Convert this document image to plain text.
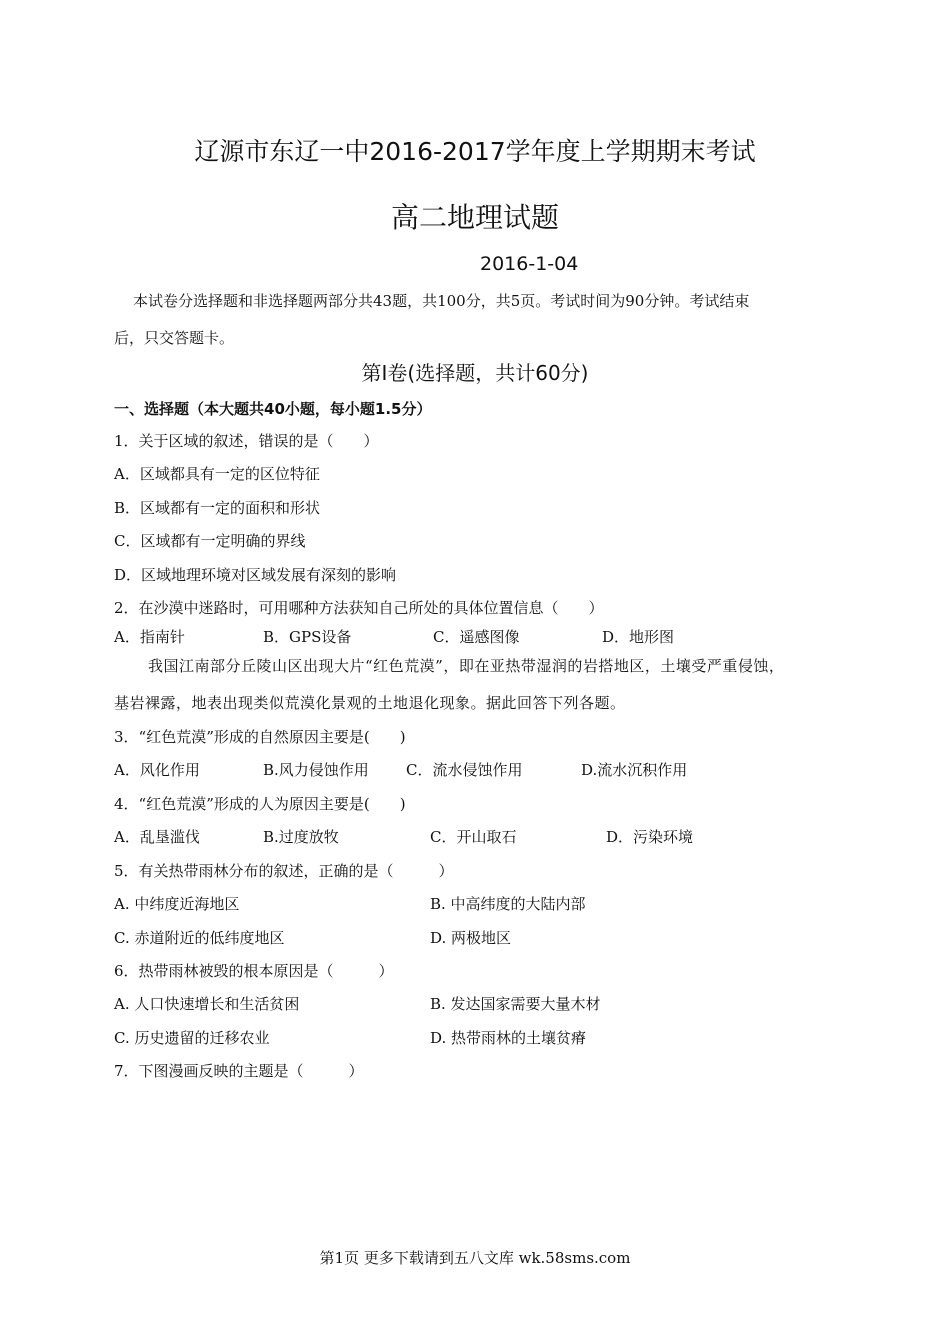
辽源市东辽一中2016-2017学年度上学期期末考试
高二地理试题
2016-1-04
本试卷分选择题和非选择题两部分共43题，共100分，共5页。考试时间为90分钟。考试结束
后，只交答题卡。
第Ⅰ卷(选择题，共计60分)
一、选择题（本大题共40小题，每小题1.5分）
1．关于区域的叙述，错误的是（　　）
A．区域都具有一定的区位特征
B．区域都有一定的面积和形状
C．区域都有一定明确的界线
D．区域地理环境对区域发展有深刻的影响
2．在沙漠中迷路时，可用哪种方法获知自己所处的具体位置信息（　　）
A．指南针	B．GPS设备	C．遥感图像	D．地形图
我国江南部分丘陵山区出现大片“红色荒漠”，即在亚热带湿润的岩搭地区，土壤受严重侵蚀，
基岩裸露，地表出现类似荒漠化景观的土地退化现象。据此回答下列各题。
3．“红色荒漠”形成的自然原因主要是(　　)
A．风化作用	B.风力侵蚀作用 C．流水侵蚀作用	D.流水沉积作用
4．“红色荒漠”形成的人为原因主要是(　　)
A．乱垦滥伐	B.过度放牧	C．开山取石	D．污染环境
5．有关热带雨林分布的叙述，正确的是（　　　）
A. 中纬度近海地区	B. 中高纬度的大陆内部
C. 赤道附近的低纬度地区	D. 两极地区
6．热带雨林被毁的根本原因是（　　　）
A. 人口快速增长和生活贫困	B. 发达国家需要大量木材
C. 历史遗留的迁移农业	D. 热带雨林的土壤贫瘠
7．下图漫画反映的主题是（　　　）
第1页 更多下载请到五八文库 wk.58sms.com
